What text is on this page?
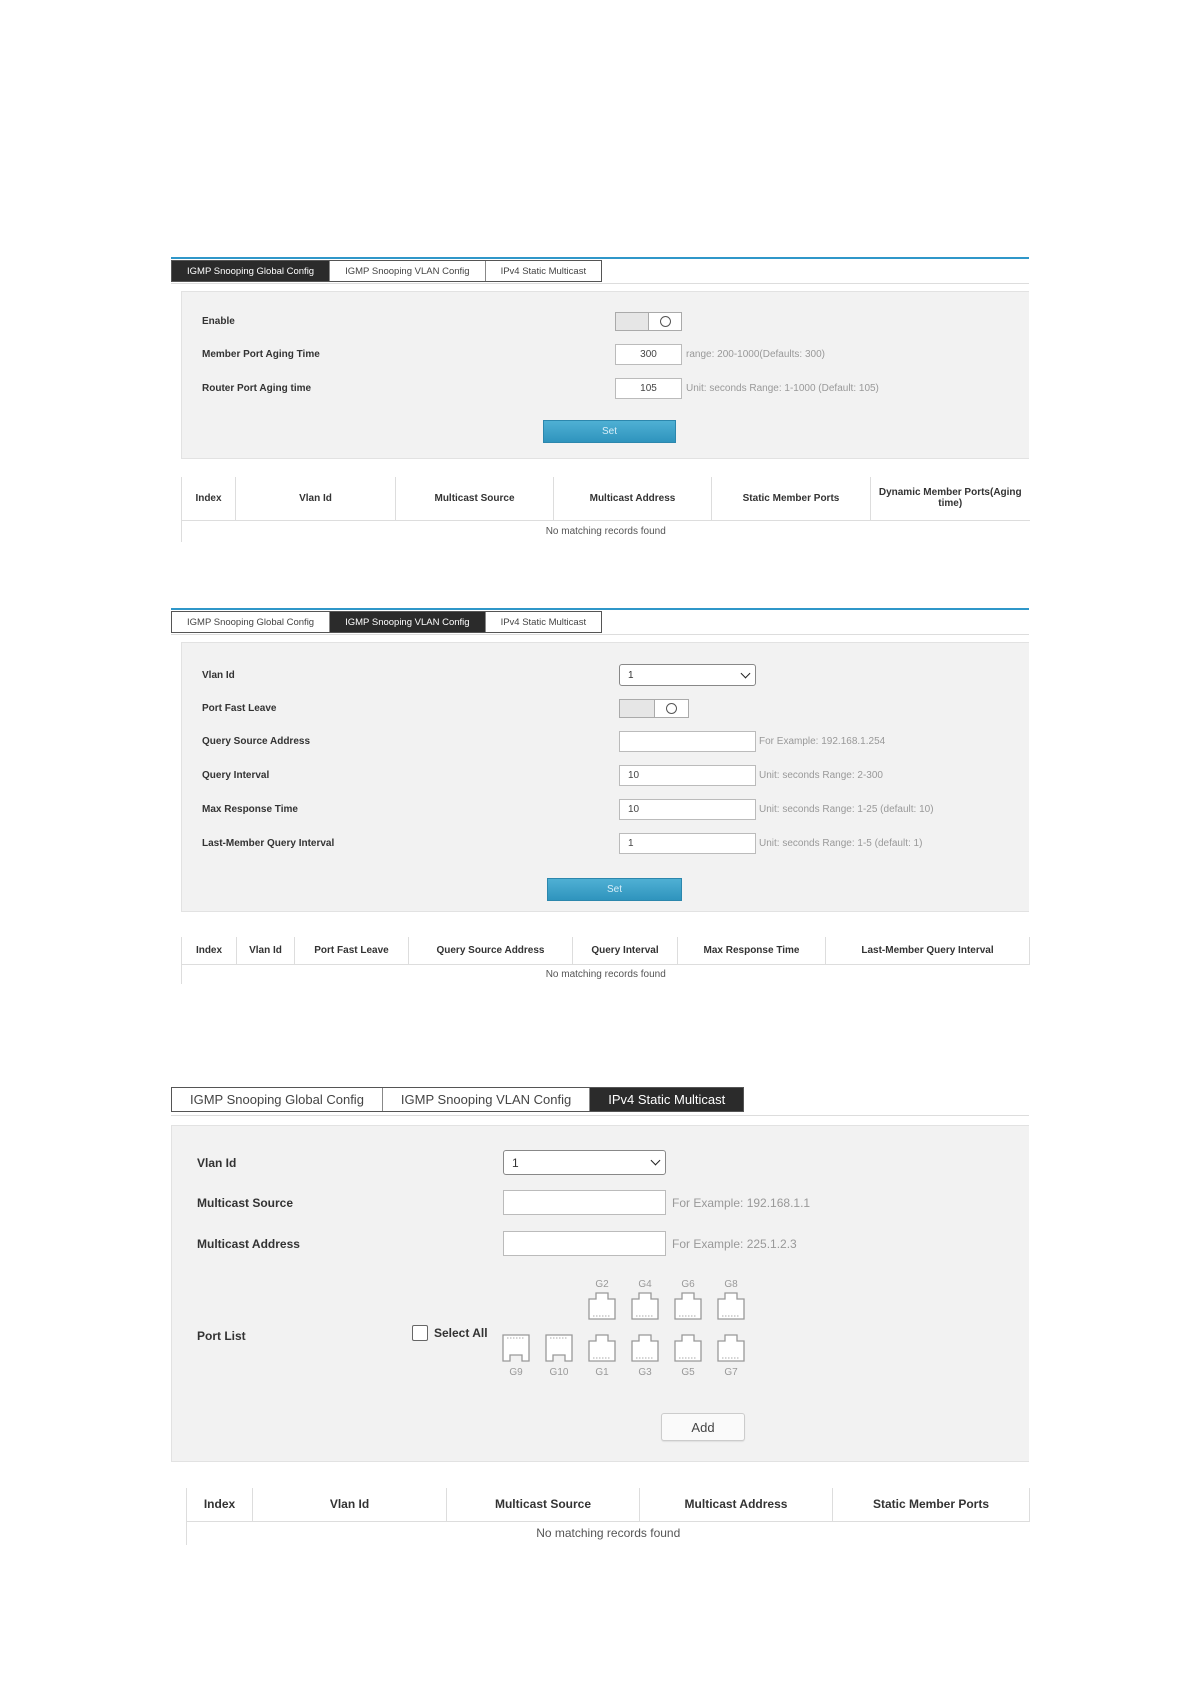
IGMP Snooping Global Config	IGMP Snooping VLAN Config	IPv4 Static Multicast
Enable
Member Port Aging Time	300	range: 200-1000(Defaults: 300)
Router Port Aging time	105	Unit: seconds Range: 1-1000 (Default: 105)
Set
Index	Vlan Id	Multicast Source	Multicast Address	Static Member Ports	Dynamic Member Ports(Aging time)
No matching records found
IGMP Snooping Global Config	IGMP Snooping VLAN Config	IPv4 Static Multicast
Vlan Id	1
Port Fast Leave
Query Source Address	For Example: 192.168.1.254
Query Interval	10	Unit: seconds Range: 2-300
Max Response Time	10	Unit: seconds Range: 1-25 (default: 10)
Last-Member Query Interval	1	Unit: seconds Range: 1-5 (default: 1)
Set
Index	Vlan Id	Port Fast Leave	Query Source Address	Query Interval	Max Response Time	Last-Member Query Interval
No matching records found
IGMP Snooping Global Config	IGMP Snooping VLAN Config	IPv4 Static Multicast
Vlan Id	1
Multicast Source	For Example: 192.168.1.1
Multicast Address	For Example: 225.1.2.3
Port List	Select All
G2	G4	G6	G8
G9	G10	G1	G3	G5	G7
Add
Index	Vlan Id	Multicast Source	Multicast Address	Static Member Ports
No matching records found
